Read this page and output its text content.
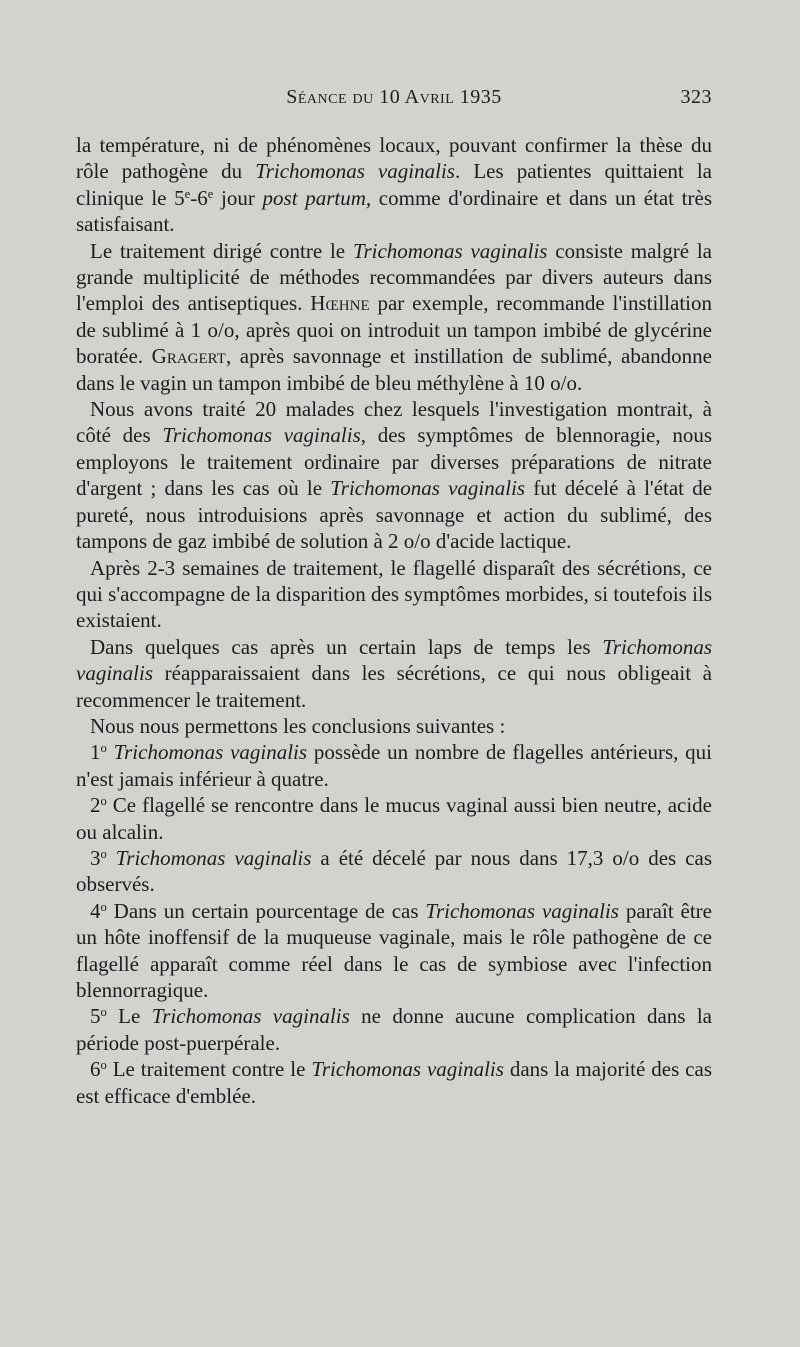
Séance du 10 Avril 1935	323

la température, ni de phénomènes locaux, pouvant confirmer la thèse du rôle pathogène du Trichomonas vaginalis. Les patientes quittaient la clinique le 5e-6e jour post partum, comme d'ordinaire et dans un état très satisfaisant.

Le traitement dirigé contre le Trichomonas vaginalis consiste malgré la grande multiplicité de méthodes recommandées par divers auteurs dans l'emploi des antiseptiques. Hœhne par exemple, recommande l'instillation de sublimé à 1 o/o, après quoi on introduit un tampon imbibé de glycérine boratée. Gragert, après savonnage et instillation de sublimé, abandonne dans le vagin un tampon imbibé de bleu méthylène à 10 o/o.

Nous avons traité 20 malades chez lesquels l'investigation montrait, à côté des Trichomonas vaginalis, des symptômes de blennoragie, nous employons le traitement ordinaire par diverses préparations de nitrate d'argent ; dans les cas où le Trichomonas vaginalis fut décelé à l'état de pureté, nous introduisions après savonnage et action du sublimé, des tampons de gaz imbibé de solution à 2 o/o d'acide lactique.

Après 2-3 semaines de traitement, le flagellé disparaît des sécrétions, ce qui s'accompagne de la disparition des symptômes morbides, si toutefois ils existaient.

Dans quelques cas après un certain laps de temps les Trichomonas vaginalis réapparaissaient dans les sécrétions, ce qui nous obligeait à recommencer le traitement.

Nous nous permettons les conclusions suivantes :

1$^o$ Trichomonas vaginalis possède un nombre de flagelles antérieurs, qui n'est jamais inférieur à quatre.

2$^o$ Ce flagellé se rencontre dans le mucus vaginal aussi bien neutre, acide ou alcalin.

3$^o$ Trichomonas vaginalis a été décelé par nous dans 17,3 o/o des cas observés.

4$^o$ Dans un certain pourcentage de cas Trichomonas vaginalis paraît être un hôte inoffensif de la muqueuse vaginale, mais le rôle pathogène de ce flagellé apparaît comme réel dans le cas de symbiose avec l'infection blennorragique.

5$^o$ Le Trichomonas vaginalis ne donne aucune complication dans la période post-puerpérale.

6$^o$ Le traitement contre le Trichomonas vaginalis dans la majorité des cas est efficace d'emblée.
